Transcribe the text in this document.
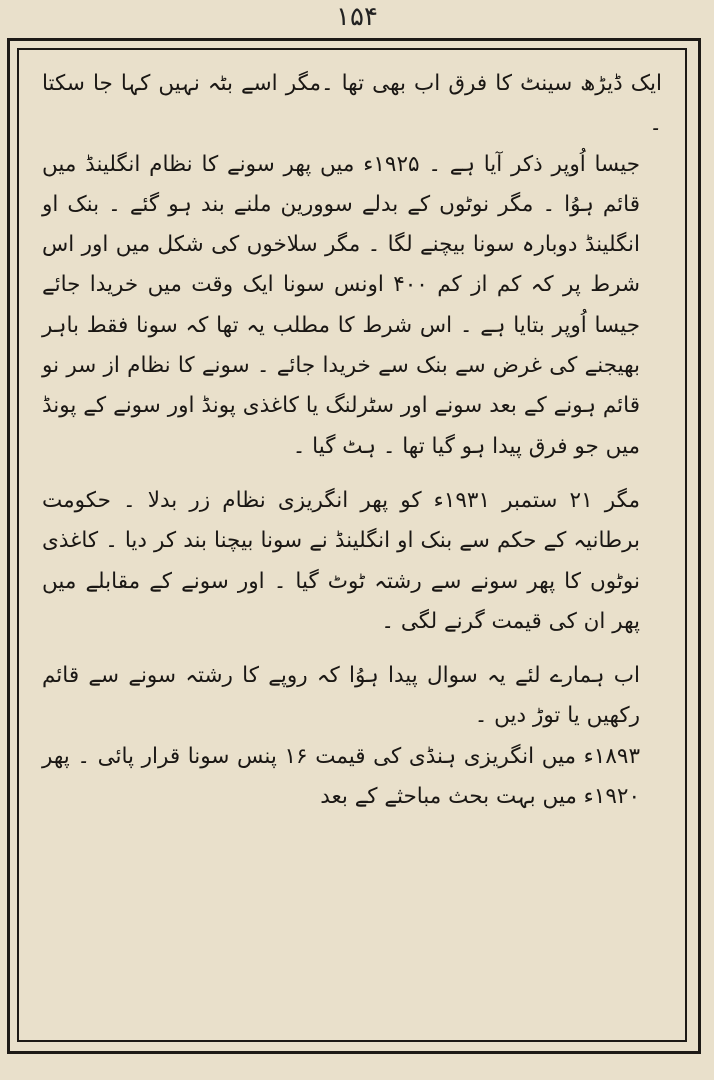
۱۵۴

ایک ڈیڑھ سینٹ کا فرق اب بھی تھا ۔مگر اسے بٹہ نہیں کہا جا سکتا ۔

جیسا اُوپر ذکر آیا ہے ۔ ۱۹۲۵ء میں پھر سونے کا نظام انگلینڈ میں قائم ہوُا ۔ مگر نوٹوں کے بدلے سوورین ملنے بند ہو گئے ۔ بنک او انگلینڈ دوبارہ سونا بیچنے لگا ۔ مگر سلاخوں کی شکل میں اور اس شرط پر کہ کم از کم ۴۰۰ اونس سونا ایک وقت میں خریدا جائے جیسا اُوپر بتایا ہے ۔ اس شرط کا مطلب یہ تھا کہ سونا فقط باہر بھیجنے کی غرض سے بنک سے خریدا جائے ۔ سونے کا نظام از سر نو قائم ہونے کے بعد سونے اور سٹرلنگ یا کاغذی پونڈ اور سونے کے پونڈ میں جو فرق پیدا ہو گیا تھا ۔ ہٹ گیا ۔

مگر ۲۱ ستمبر ۱۹۳۱ء کو پھر انگریزی نظام زر بدلا ۔ حکومت برطانیہ کے حکم سے بنک او انگلینڈ نے سونا بیچنا بند کر دیا ۔ کاغذی نوٹوں کا پھر سونے سے رشتہ ٹوٹ گیا ۔ اور سونے کے مقابلے میں پھر ان کی قیمت گرنے لگی ۔

اب ہمارے لئے یہ سوال پیدا ہوُا کہ روپے کا رشتہ سونے سے قائم رکھیں یا توڑ دیں ۔

۱۸۹۳ء میں انگریزی ہنڈی کی قیمت ۱۶ پنس سونا قرار پائی ۔ پھر ۱۹۲۰ء میں بہت بحث مباحثے کے بعد
